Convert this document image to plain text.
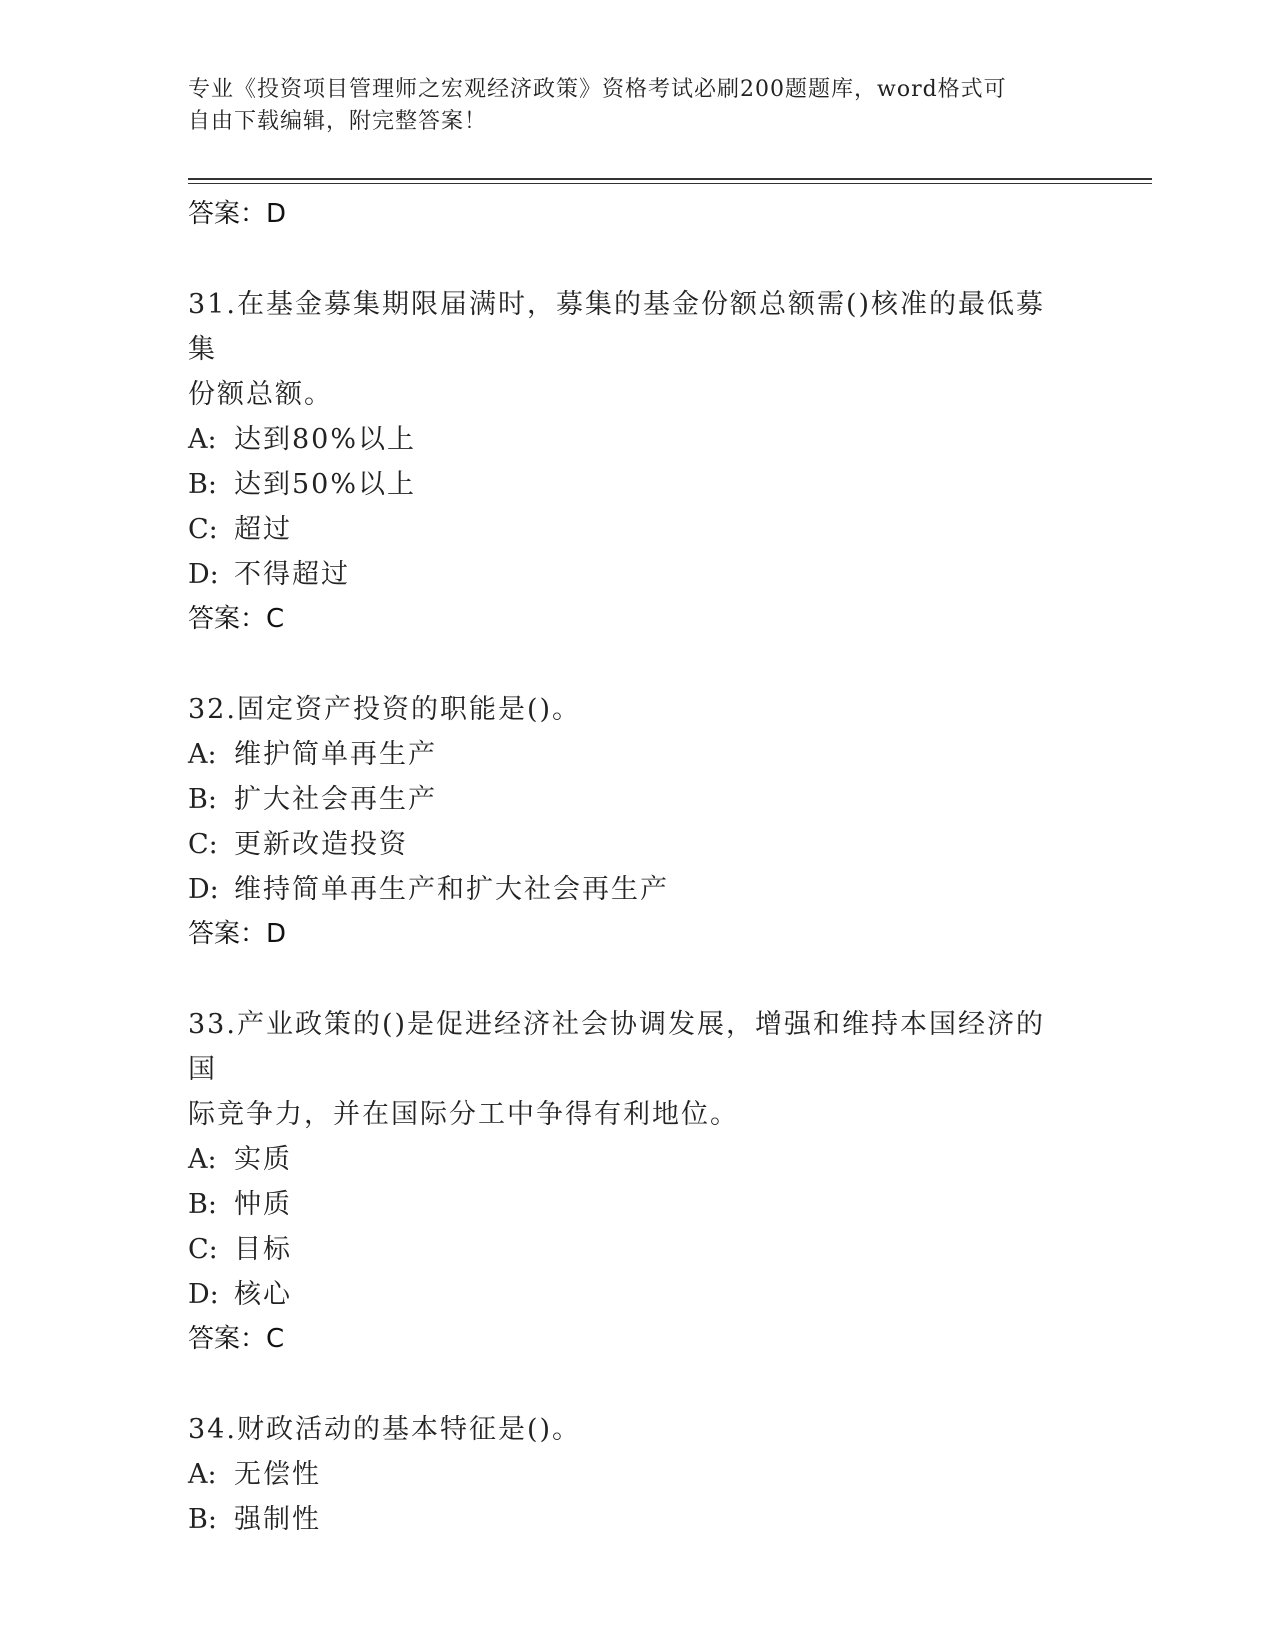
专业《投资项目管理师之宏观经济政策》资格考试必刷200题题库，word格式可
自由下载编辑，附完整答案！
答案：D
31.在基金募集期限届满时，募集的基金份额总额需()核准的最低募集
份额总额。
A: 达到80%以上
B: 达到50%以上
C: 超过
D: 不得超过
答案：C
32.固定资产投资的职能是()。
A: 维护简单再生产
B: 扩大社会再生产
C: 更新改造投资
D: 维持简单再生产和扩大社会再生产
答案：D
33.产业政策的()是促进经济社会协调发展，增强和维持本国经济的国
际竞争力，并在国际分工中争得有利地位。
A: 实质
B: 忡质
C: 目标
D: 核心
答案：C
34.财政活动的基本特征是()。
A: 无偿性
B: 强制性
